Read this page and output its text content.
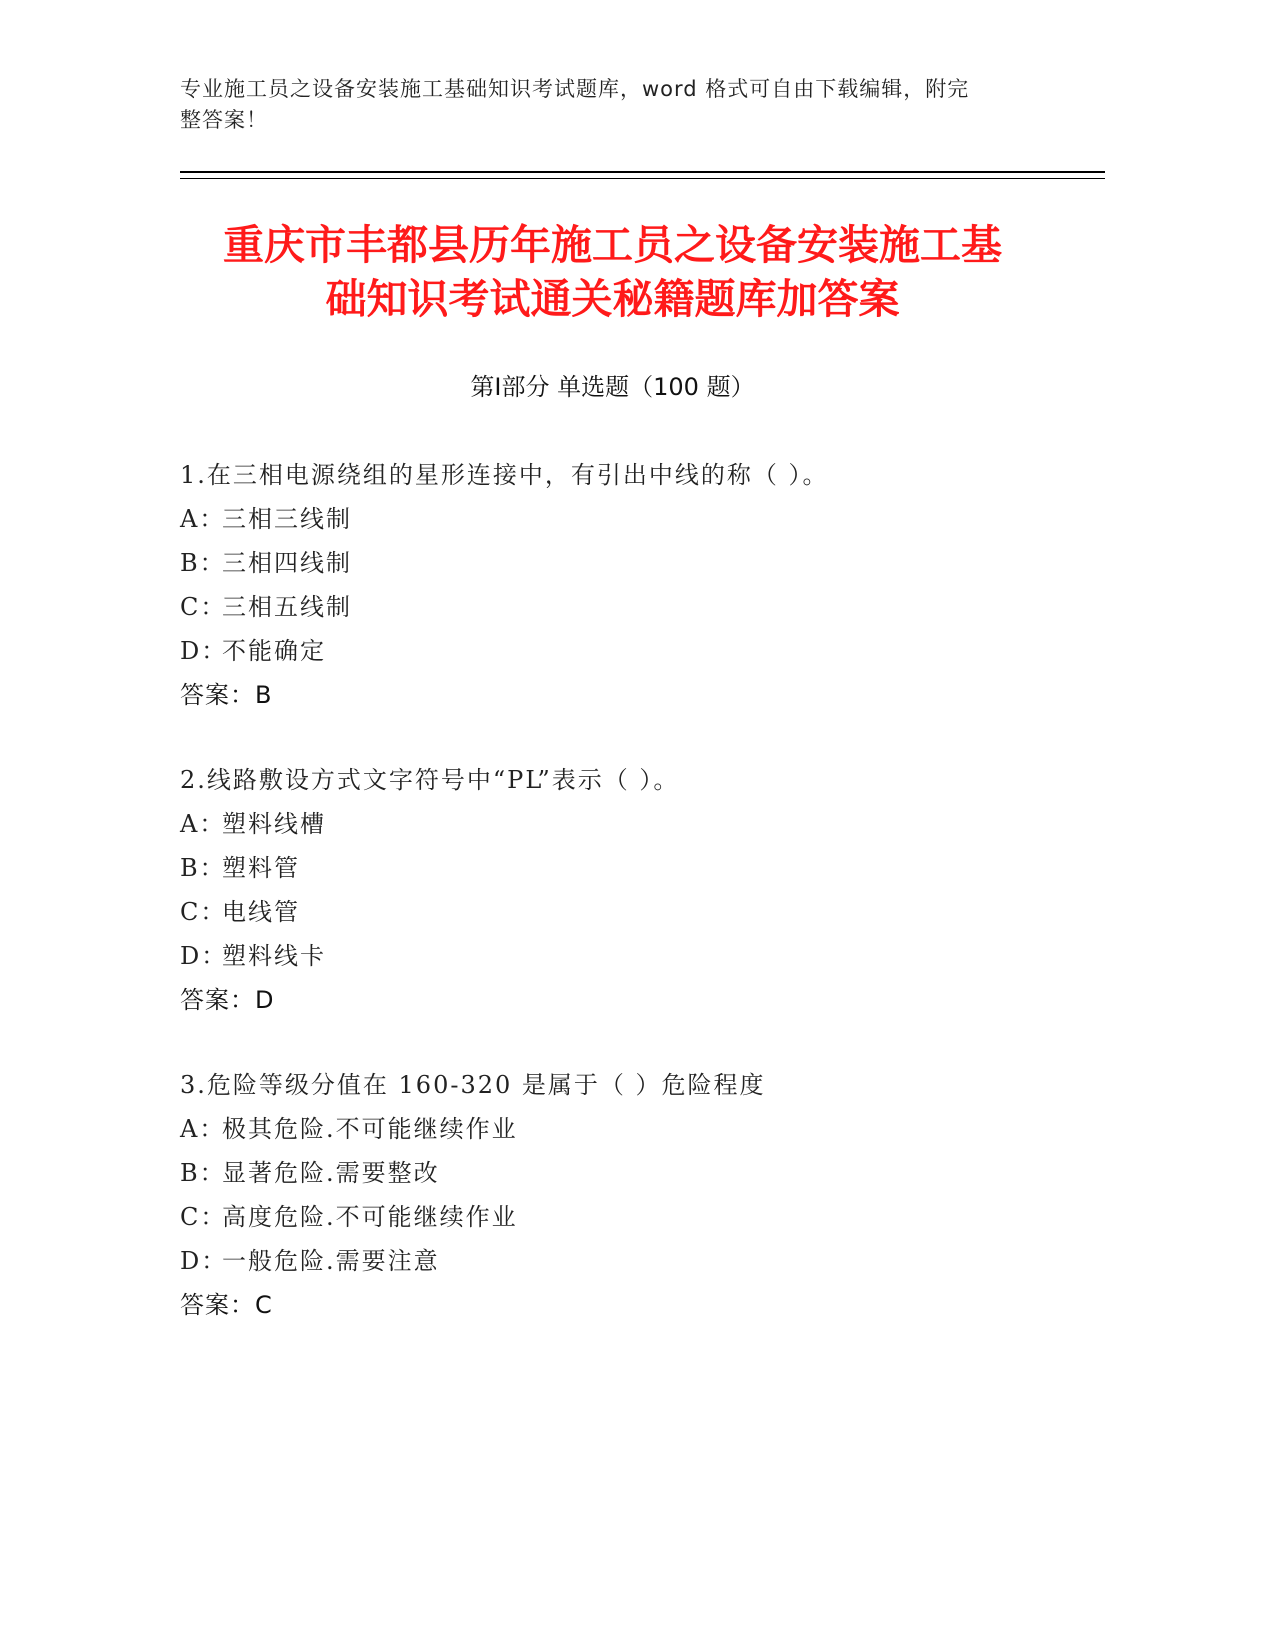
专业施工员之设备安装施工基础知识考试题库，word 格式可自由下载编辑，附完
整答案！
重庆市丰都县历年施工员之设备安装施工基
础知识考试通关秘籍题库加答案
第Ⅰ部分 单选题（100 题）
1.在三相电源绕组的星形连接中，有引出中线的称（ ）。
A：三相三线制
B：三相四线制
C：三相五线制
D：不能确定
答案：B
2.线路敷设方式文字符号中“PL”表示（ ）。
A：塑料线槽
B：塑料管
C：电线管
D：塑料线卡
答案：D
3.危险等级分值在 160-320 是属于（ ）危险程度
A：极其危险.不可能继续作业
B：显著危险.需要整改
C：高度危险.不可能继续作业
D：一般危险.需要注意
答案：C
